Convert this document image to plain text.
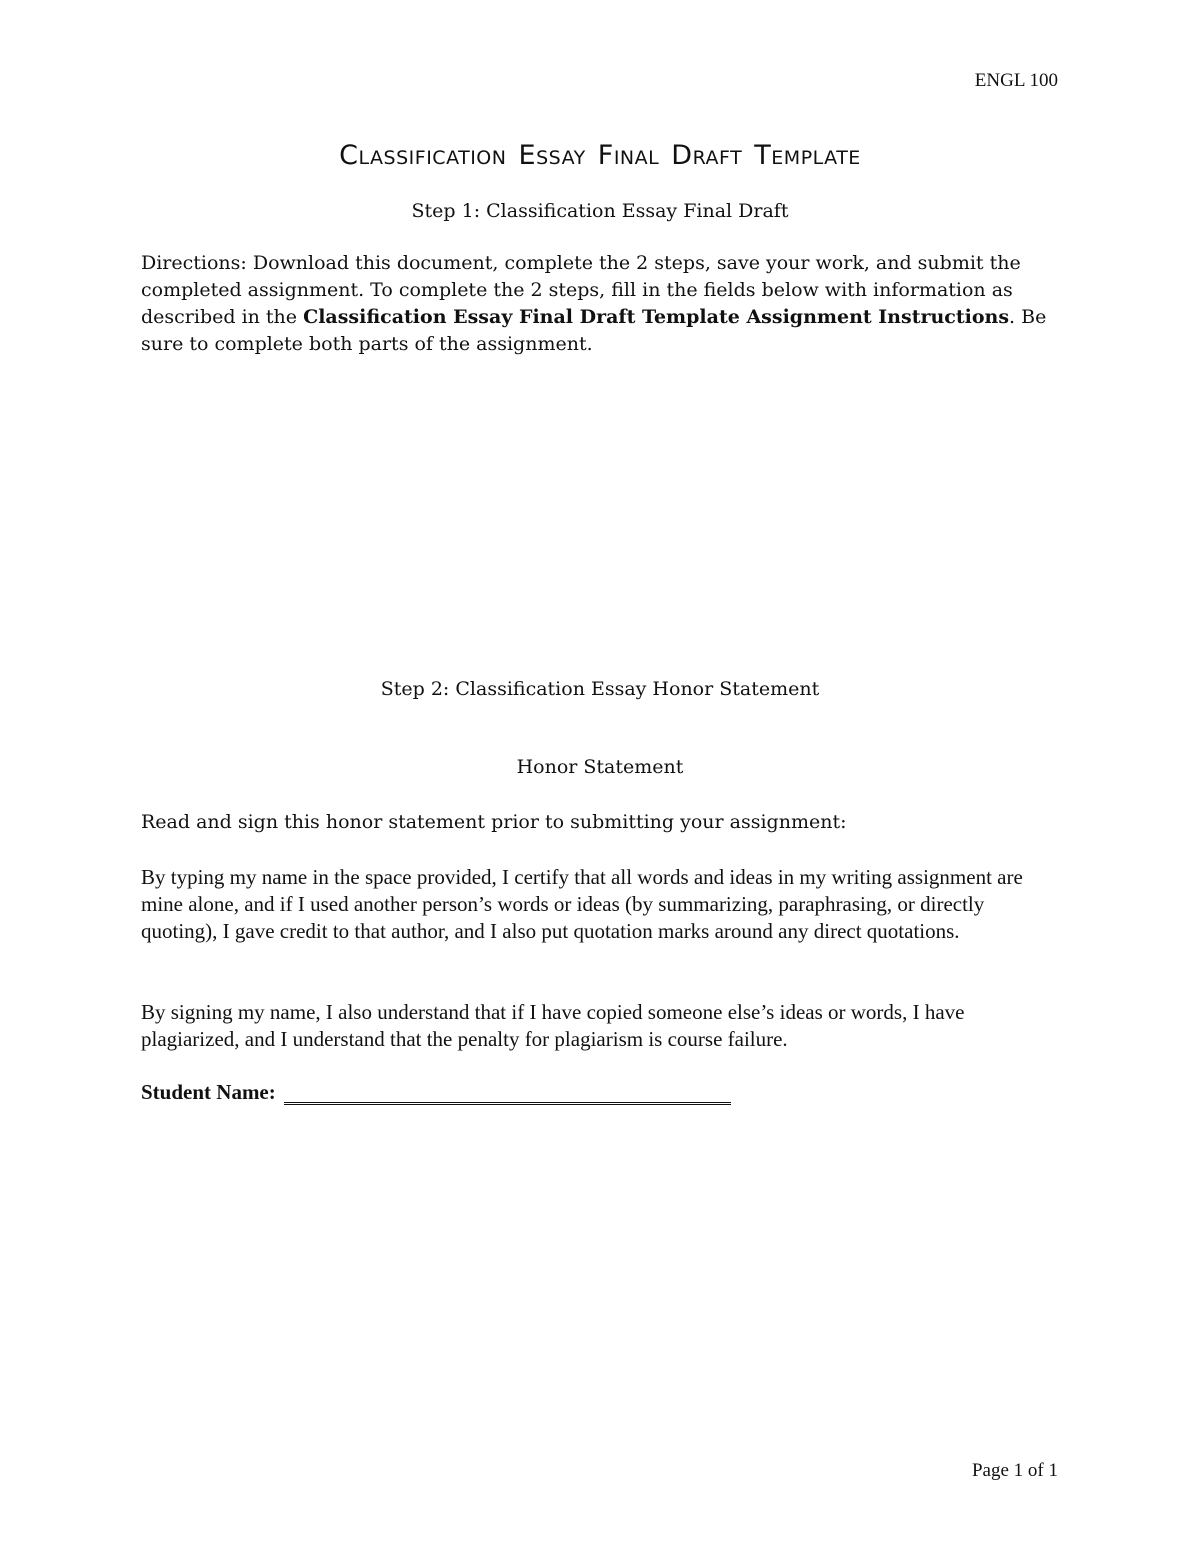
ENGL 100
Classification Essay Final Draft Template
Step 1: Classification Essay Final Draft
Directions: Download this document, complete the 2 steps, save your work, and submit the completed assignment. To complete the 2 steps, fill in the fields below with information as described in the Classification Essay Final Draft Template Assignment Instructions. Be sure to complete both parts of the assignment.
Step 2: Classification Essay Honor Statement
Honor Statement
Read and sign this honor statement prior to submitting your assignment:
By typing my name in the space provided, I certify that all words and ideas in my writing assignment are mine alone, and if I used another person’s words or ideas (by summarizing, paraphrasing, or directly quoting), I gave credit to that author, and I also put quotation marks around any direct quotations.
By signing my name, I also understand that if I have copied someone else’s ideas or words, I have plagiarized, and I understand that the penalty for plagiarism is course failure.
Student Name:
Page 1 of 1
